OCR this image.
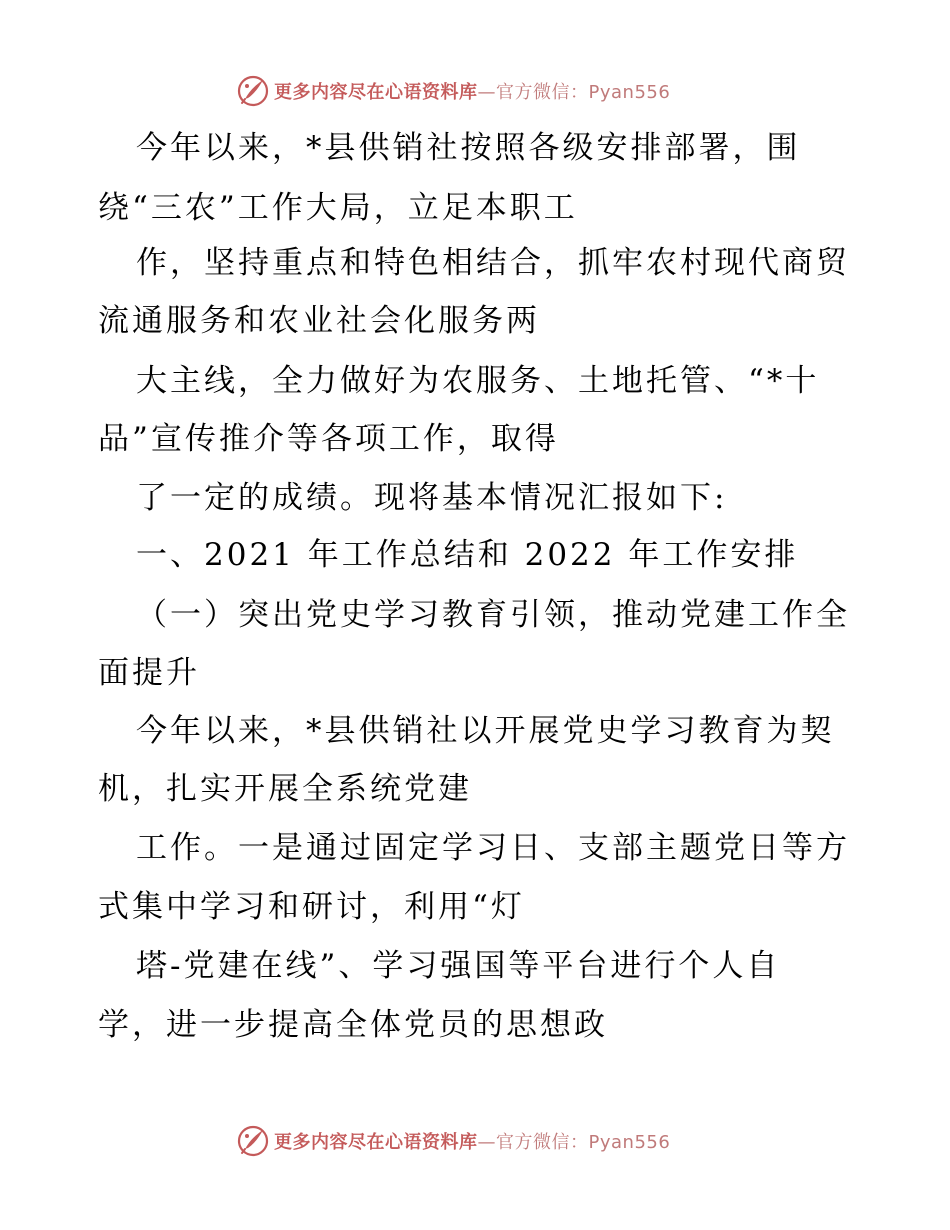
更多内容尽在心语资料库 —官方微信：Pyan556
今年以来，*县供销社按照各级安排部署，围
绕“三农”工作大局，立足本职工
作，坚持重点和特色相结合，抓牢农村现代商贸
流通服务和农业社会化服务两
大主线，全力做好为农服务、土地托管、“*十
品”宣传推介等各项工作，取得
了一定的成绩。现将基本情况汇报如下:
一、2021 年工作总结和 2022 年工作安排
（一）突出党史学习教育引领，推动党建工作全
面提升
今年以来，*县供销社以开展党史学习教育为契
机，扎实开展全系统党建
工作。一是通过固定学习日、支部主题党日等方
式集中学习和研讨，利用“灯
塔-党建在线”、学习强国等平台进行个人自
学，进一步提高全体党员的思想政
更多内容尽在心语资料库 —官方微信：Pyan556
